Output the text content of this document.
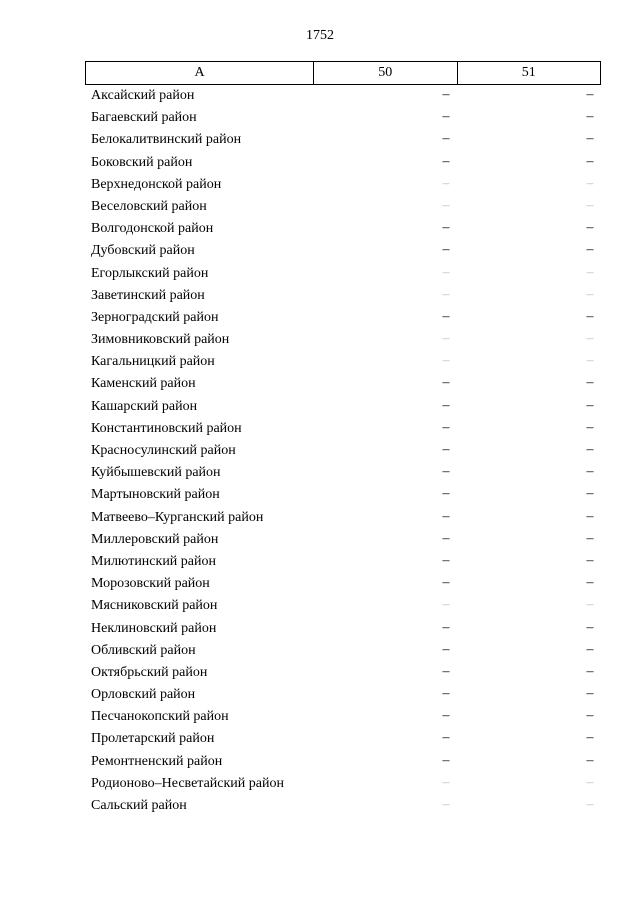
1752
А	50	51
Аксайский район	–	–
Багаевский район	–	–
Белокалитвинский район	–	–
Боковский район	–	–
Верхнедонской район	–	–
Веселовский район	–	–
Волгодонской район	–	–
Дубовский район	–	–
Егорлыкский район	–	–
Заветинский район	–	–
Зерноградский район	–	–
Зимовниковский район	–	–
Кагальницкий район	–	–
Каменский район	–	–
Кашарский район	–	–
Константиновский район	–	–
Красносулинский район	–	–
Куйбышевский район	–	–
Мартыновский район	–	–
Матвеево–Курганский район	–	–
Миллеровский район	–	–
Милютинский район	–	–
Морозовский район	–	–
Мясниковский район	–	–
Неклиновский район	–	–
Обливский район	–	–
Октябрьский район	–	–
Орловский район	–	–
Песчанокопский район	–	–
Пролетарский район	–	–
Ремонтненский район	–	–
Родионово–Несветайский район	–	–
Сальский район	–	–
